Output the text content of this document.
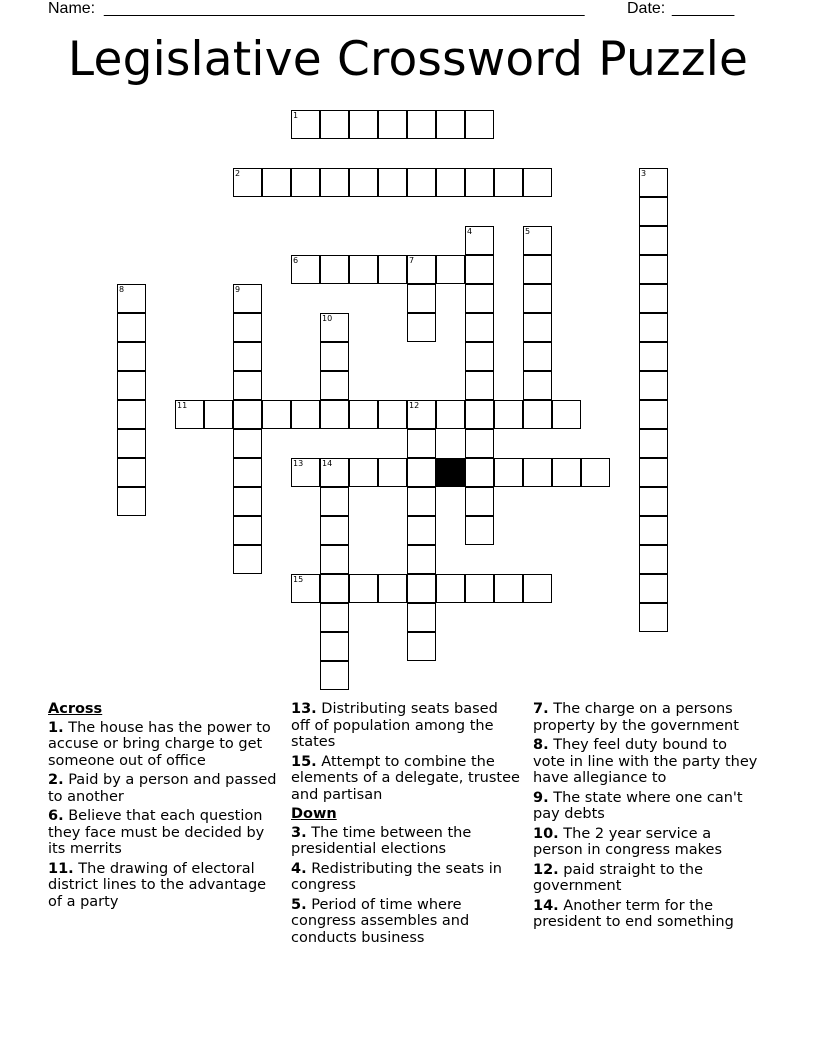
Name: ______________________________________________________	Date: _______
Legislative Crossword Puzzle
1
2	3
4	5
6	7
8	9
10
11	12
13 14
15
Across
1. The house has the power to accuse or bring charge to get someone out of office
2. Paid by a person and passed to another
6. Believe that each question they face must be decided by its merrits
11. The drawing of electoral district lines to the advantage of a party
13. Distributing seats based off of population among the states
15. Attempt to combine the elements of a delegate, trustee and partisan
Down
3. The time between the presidential elections
4. Redistributing the seats in congress
5. Period of time where congress assembles and conducts business
7. The charge on a persons property by the government
8. They feel duty bound to vote in line with the party they have allegiance to
9. The state where one can't pay debts
10. The 2 year service a person in congress makes
12. paid straight to the government
14. Another term for the president to end something
